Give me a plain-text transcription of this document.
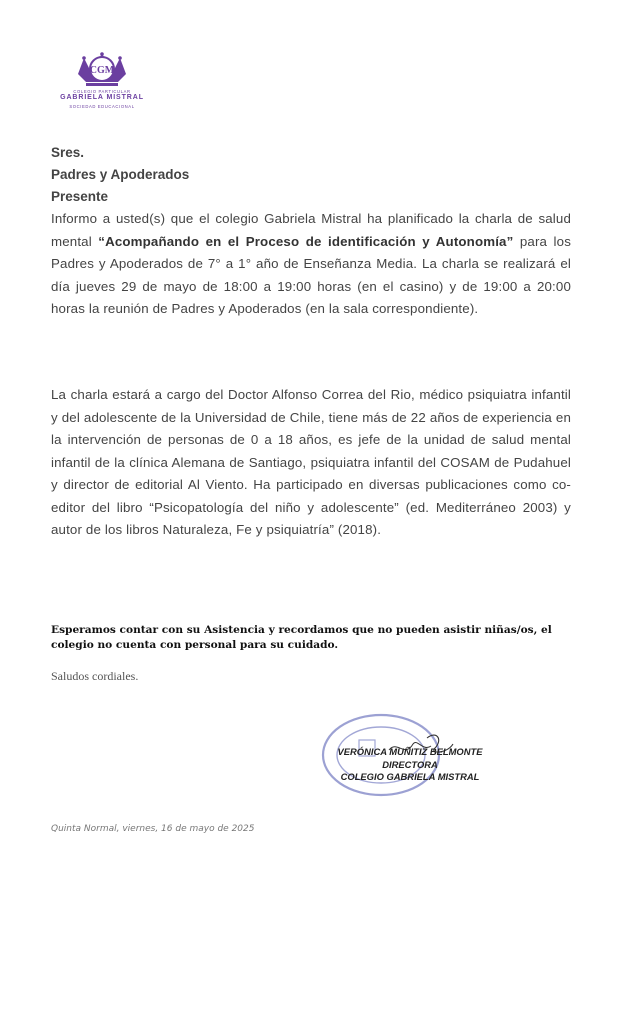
CGM
COLEGIO PARTICULAR
GABRIELA MISTRAL
SOCIEDAD EDUCACIONAL
Sres.
Padres y Apoderados
Presente
Informo a usted(s) que el colegio Gabriela Mistral ha planificado la charla de salud mental “Acompañando en el Proceso de identificación y Autonomía” para los Padres y Apoderados de 7° a 1° año de Enseñanza Media. La charla se realizará el día jueves 29 de mayo de 18:00 a 19:00 horas (en el casino) y de 19:00 a 20:00 horas la reunión de Padres y Apoderados (en la sala correspondiente).
La charla estará a cargo del Doctor Alfonso Correa del Rio, médico psiquiatra infantil y del adolescente de la Universidad de Chile, tiene más de 22 años de experiencia en la intervención de personas de 0 a 18 años, es jefe de la unidad de salud mental infantil de la clínica Alemana de Santiago, psiquiatra infantil del COSAM de Pudahuel y director de editorial Al Viento. Ha participado en diversas publicaciones como co-editor del libro “Psicopatología del niño y adolescente” (ed. Mediterráneo 2003) y autor de los libros Naturaleza, Fe y psiquiatría” (2018).
Esperamos contar con su Asistencia y recordamos que no pueden asistir niñas/os, el colegio no cuenta con personal para su cuidado.
Saludos cordiales.
VERÓNICA MUÑITIZ BELMONTE
DIRECTORA
COLEGIO GABRIELA MISTRAL
Quinta Normal, viernes, 16 de mayo de 2025
